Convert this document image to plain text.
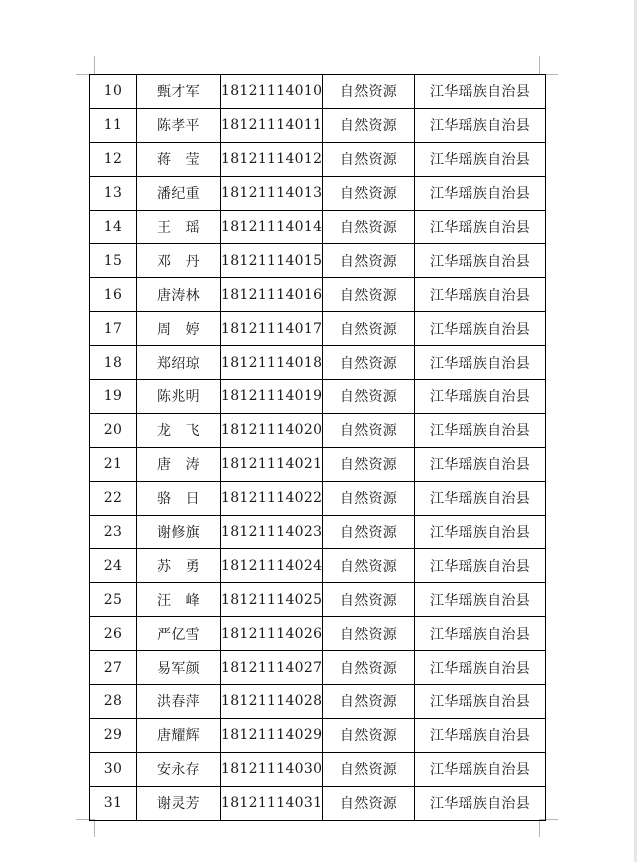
10	甄才军	18121114010	自然资源	江华瑶族自治县
11	陈孝平	18121114011	自然资源	江华瑶族自治县
12	蒋　莹	18121114012	自然资源	江华瑶族自治县
13	潘纪重	18121114013	自然资源	江华瑶族自治县
14	王　瑶	18121114014	自然资源	江华瑶族自治县
15	邓　丹	18121114015	自然资源	江华瑶族自治县
16	唐涛林	18121114016	自然资源	江华瑶族自治县
17	周　婷	18121114017	自然资源	江华瑶族自治县
18	郑绍琼	18121114018	自然资源	江华瑶族自治县
19	陈兆明	18121114019	自然资源	江华瑶族自治县
20	龙　飞	18121114020	自然资源	江华瑶族自治县
21	唐　涛	18121114021	自然资源	江华瑶族自治县
22	骆　日	18121114022	自然资源	江华瑶族自治县
23	谢修旗	18121114023	自然资源	江华瑶族自治县
24	苏　勇	18121114024	自然资源	江华瑶族自治县
25	汪　峰	18121114025	自然资源	江华瑶族自治县
26	严亿雪	18121114026	自然资源	江华瑶族自治县
27	易军颜	18121114027	自然资源	江华瑶族自治县
28	洪春萍	18121114028	自然资源	江华瑶族自治县
29	唐耀辉	18121114029	自然资源	江华瑶族自治县
30	安永存	18121114030	自然资源	江华瑶族自治县
31	谢灵芳	18121114031	自然资源	江华瑶族自治县
